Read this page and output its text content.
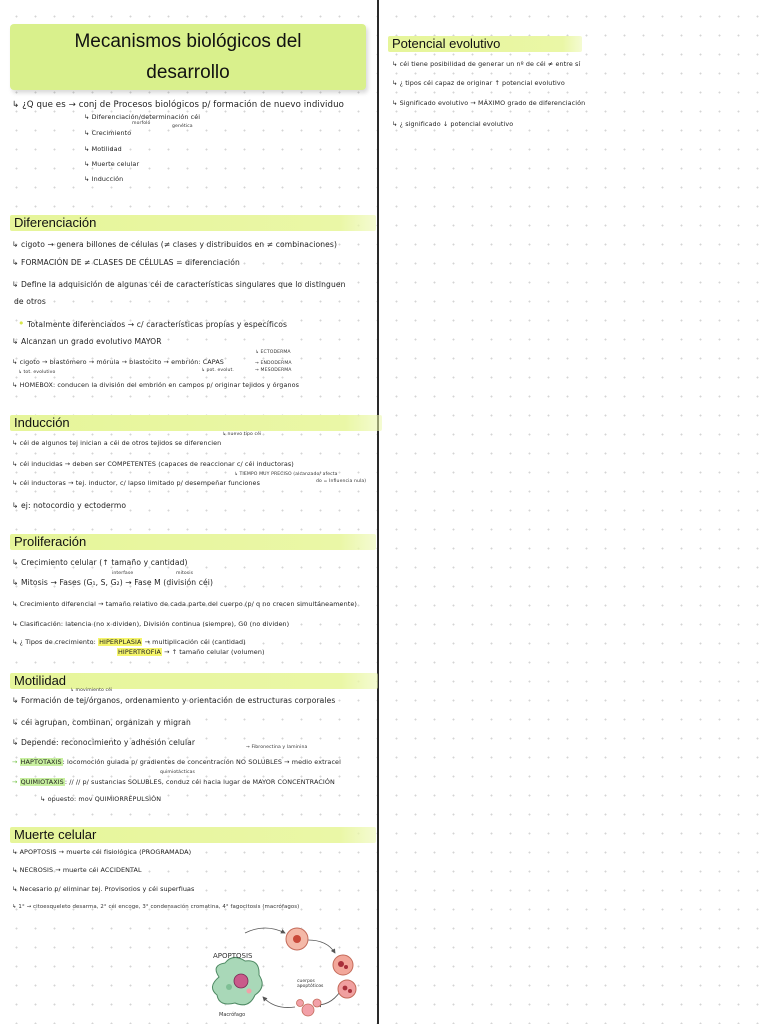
Mecanismos biológicos del
desarrollo
↳ ¿Q que es → conj de Procesos biológicos p/ formación de nuevo individuo
↳ Diferenciación/determinación céi
morfoló
genética
↳ Crecimiento
↳ Motilidad
↳ Muerte celular
↳ Inducción
Diferenciación
↳ cigoto → genera billones de células (≠ clases y distribuidos en ≠ combinaciones)
↳ FORMACIÓN DE ≠ CLASES DE CÉLULAS = diferenciación
↳ Define la adquisición de algunas céi de características singulares que lo distinguen
de otros
• Totalmente diferenciados → c/ características propias y específicos
↳ Alcanzan un grado evolutivo MAYOR
↳ cigoto → blastómero → mórula → blastocito → embrión: CAPAS
↳ tot. evolutivo
↳ ECTODERMA
→ ENDODERMA
→ MESODERMA
↳ pot. evolut.
↳ HOMEBOX: conducen la división del embrión en campos p/ originar tejidos y órganos
Inducción
↳ nuevo tipo céi
↳ céi de algunos tej inician a céi de otros tejidos se diferencien
↳ céi inducidas → deben ser COMPETENTES (capaces de reaccionar c/ céi inductoras)
↳ TIEMPO MUY PRECISO (alcanzado/ afecta
↳ céi inductoras → tej. inductor, c/ lapso limitado p/ desempeñar funciones	do = Influencia nula)
↳ ej: notocordio y ectodermo
Proliferación
↳ Crecimiento celular (↑ tamaño y cantidad)
interfase	mitosis
↳ Mitosis → Fases (G₁, S, G₂) → Fase M (división céi)
↳ Crecimiento diferencial → tamaño relativo de cada parte del cuerpo (p/ q no crecen simultáneamente)
↳ Clasificación: latencia (no x dividen), División continua (siempre), G0 (no dividen)
↳ ¿ Tipos de crecimiento: HIPERPLASIA → multiplicación céi (cantidad)
HIPERTROFIA → ↑ tamaño celular (volumen)
Motilidad
↳ movimiento céi
↳ Formación de tej/órganos, ordenamiento y orientación de estructuras corporales
↳ céi agrupan, combinan, organizan y migran
→ Fibronectina y laminina
↳ Depende: reconocimiento y adhesión celular
→ HAPTOTAXIS: locomoción guiada p/ gradientes de concentración NO SOLUBLES → medio extracel
quimiotácticas
→ QUIMIOTAXIS: // // p/ sustancias SOLUBLES, conduz céi hacia lugar de MAYOR CONCENTRACIÓN
↳ opuesto: mov QUIMIORREPULSIÓN
Muerte celular
↳ APOPTOSIS → muerte céi fisiológica (PROGRAMADA)
↳ NECROSIS → muerte céi ACCIDENTAL
↳ Necesario p/ eliminar tej. Provisorios y céi superfluas
↳ 1° → citoesqueleto desarma, 2° céi encoge, 3° condensación cromatina, 4° fagocitosis (macrófagos)
APOPTOSIS
cuerpos apoptóticos
Macrófago
Potencial evolutivo
↳ céi tiene posibilidad de generar un nº de céi ≠ entre sí
↳ ¿ tipos céi capaz de originar ↑ potencial evolutivo
↳ Significado evolutivo → MÁXIMO grado de diferenciación
↳ ¿ significado ↓ potencial evolutivo
